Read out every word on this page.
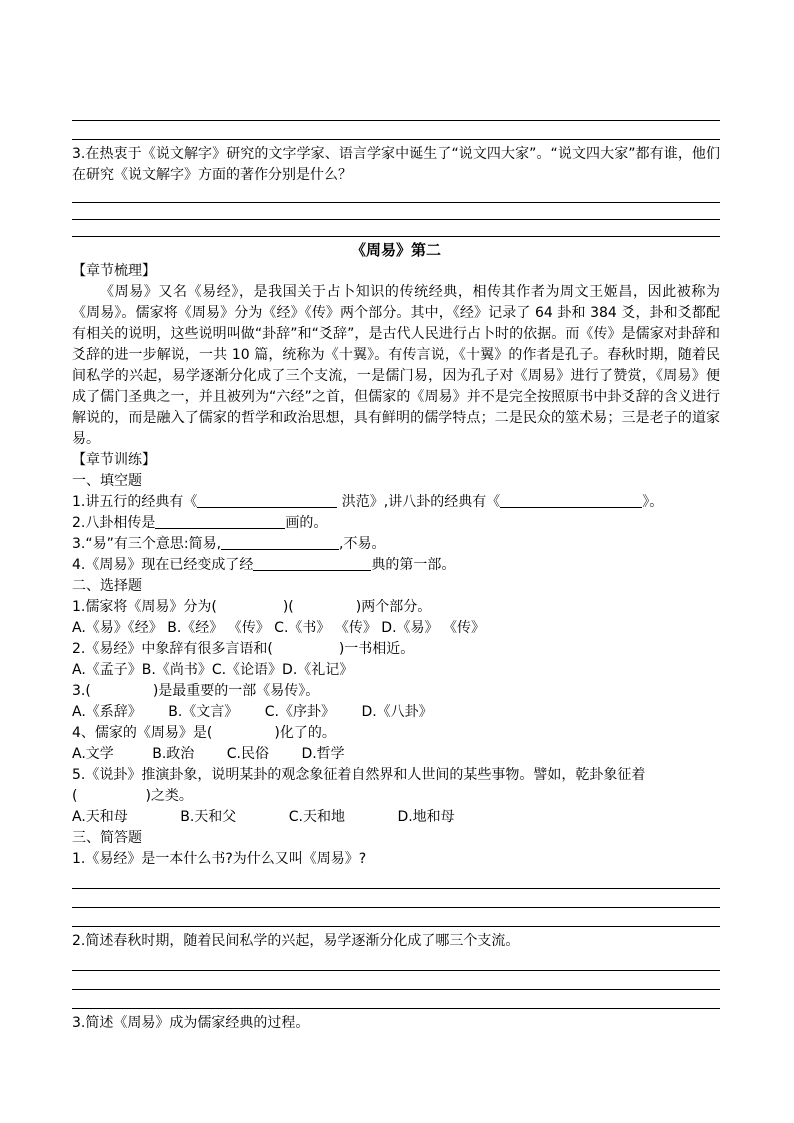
3.在热衷于《说文解字》研究的文字学家、语言学家中诞生了“说文四大家”。“说文四大家”都有谁，他们在研究《说文解字》方面的著作分别是什么？
《周易》第二
【章节梳理】
《周易》又名《易经》，是我国关于占卜知识的传统经典，相传其作者为周文王姬昌，因此被称为《周易》。儒家将《周易》分为《经》《传》两个部分。其中，《经》记录了 64 卦和 384 爻，卦和爻都配有相关的说明，这些说明叫做“卦辞”和“爻辞”，是古代人民进行占卜时的依据。而《传》是儒家对卦辞和爻辞的进一步解说，一共 10 篇，统称为《十翼》。有传言说，《十翼》的作者是孔子。春秋时期，随着民间私学的兴起，易学逐渐分化成了三个支流，一是儒门易，因为孔子对《周易》进行了赞赏，《周易》便成了儒门圣典之一，并且被列为“六经”之首，但儒家的《周易》并不是完全按照原书中卦爻辞的含义进行解说的，而是融入了儒家的哲学和政治思想，具有鲜明的儒学特点；二是民众的筮术易；三是老子的道家易。
【章节训练】
一、填空题
1.讲五行的经典有《	洪范》,讲八卦的经典有《	》。
2.八卦相传是	画的。
3.“易”有三个意思:简易,	,不易。
4.《周易》现在已经变成了经	典的第一部。
二、选择题
1.儒家将《周易》分为(	)(	)两个部分。
A.《易》《经》 B.《经》 《传》 C.《书》 《传》 D.《易》 《传》
2.《易经》中象辞有很多言语和(	)一书相近。
A.《孟子》B.《尚书》C.《论语》D.《礼记》
3.(	)是最重要的一部《易传》。
A.《系辞》 B.《文言》 C.《序卦》 D.《八卦》
4、儒家的《周易》是(	)化了的。
A.文学	B.政治 C.民俗 D.哲学
5.《说卦》推演卦象，说明某卦的观念象征着自然界和人世间的某些事物。譬如，乾卦象征着
(	)之类。
A.天和母	B.天和父	C.天和地	D.地和母
三、简答题
1.《易经》是一本什么书?为什么又叫《周易》?
2.简述春秋时期，随着民间私学的兴起，易学逐渐分化成了哪三个支流。
3.简述《周易》成为儒家经典的过程。
